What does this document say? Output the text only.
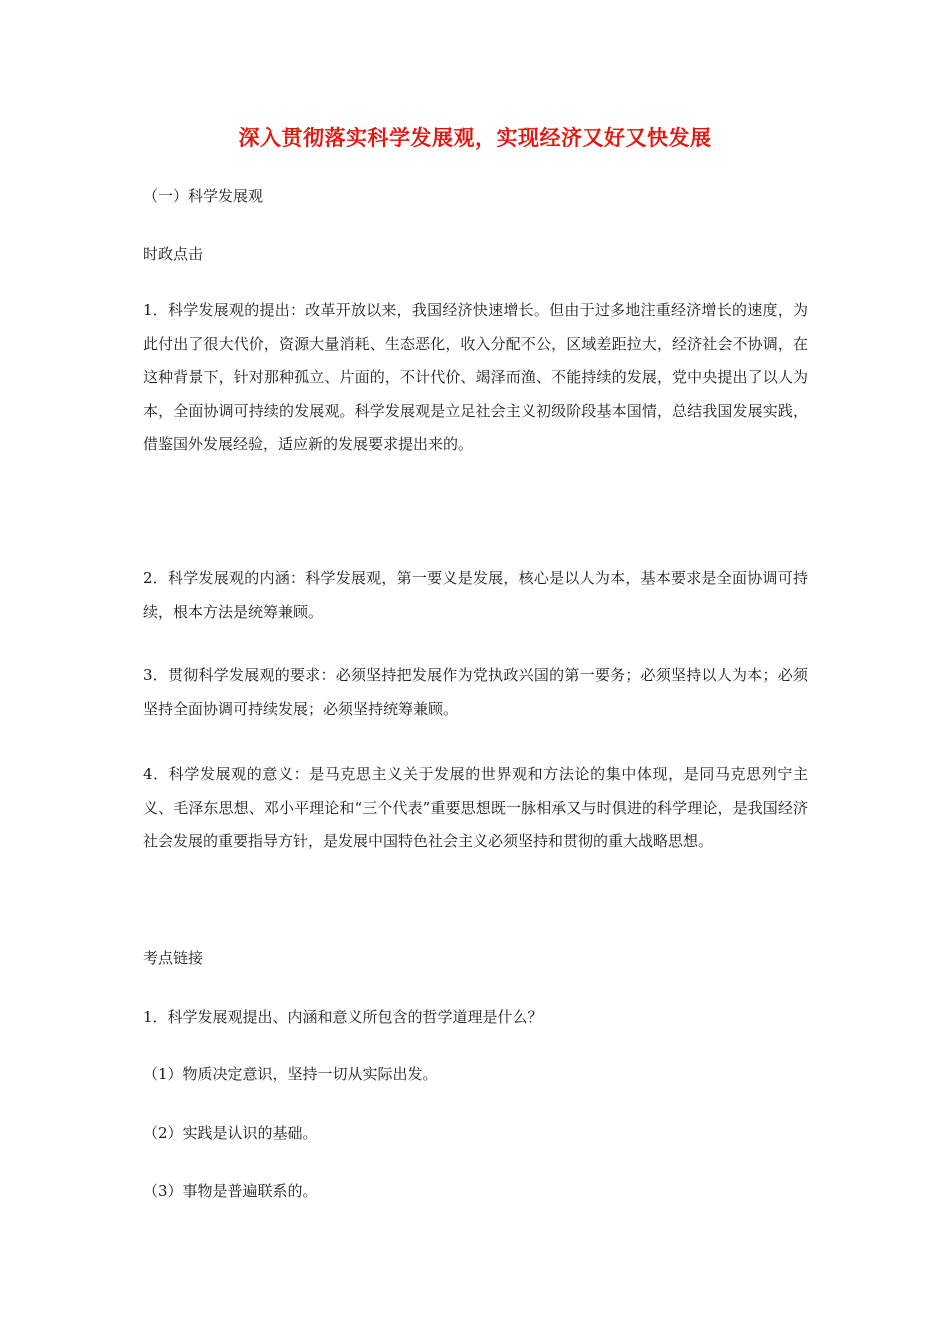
深入贯彻落实科学发展观，实现经济又好又快发展
（一）科学发展观
时政点击
1．科学发展观的提出：改革开放以来，我国经济快速增长。但由于过多地注重经济增长的速度，为此付出了很大代价，资源大量消耗、生态恶化，收入分配不公，区域差距拉大，经济社会不协调，在这种背景下，针对那种孤立、片面的，不计代价、竭泽而渔、不能持续的发展，党中央提出了以人为本，全面协调可持续的发展观。科学发展观是立足社会主义初级阶段基本国情，总结我国发展实践，借鉴国外发展经验，适应新的发展要求提出来的。
2．科学发展观的内涵：科学发展观，第一要义是发展，核心是以人为本，基本要求是全面协调可持续，根本方法是统筹兼顾。
3．贯彻科学发展观的要求：必须坚持把发展作为党执政兴国的第一要务；必须坚持以人为本；必须坚持全面协调可持续发展；必须坚持统筹兼顾。
4．科学发展观的意义：是马克思主义关于发展的世界观和方法论的集中体现，是同马克思列宁主义、毛泽东思想、邓小平理论和“三个代表”重要思想既一脉相承又与时俱进的科学理论，是我国经济社会发展的重要指导方针，是发展中国特色社会主义必须坚持和贯彻的重大战略思想。
考点链接
1．科学发展观提出、内涵和意义所包含的哲学道理是什么？
（1）物质决定意识，坚持一切从实际出发。
（2）实践是认识的基础。
（3）事物是普遍联系的。
